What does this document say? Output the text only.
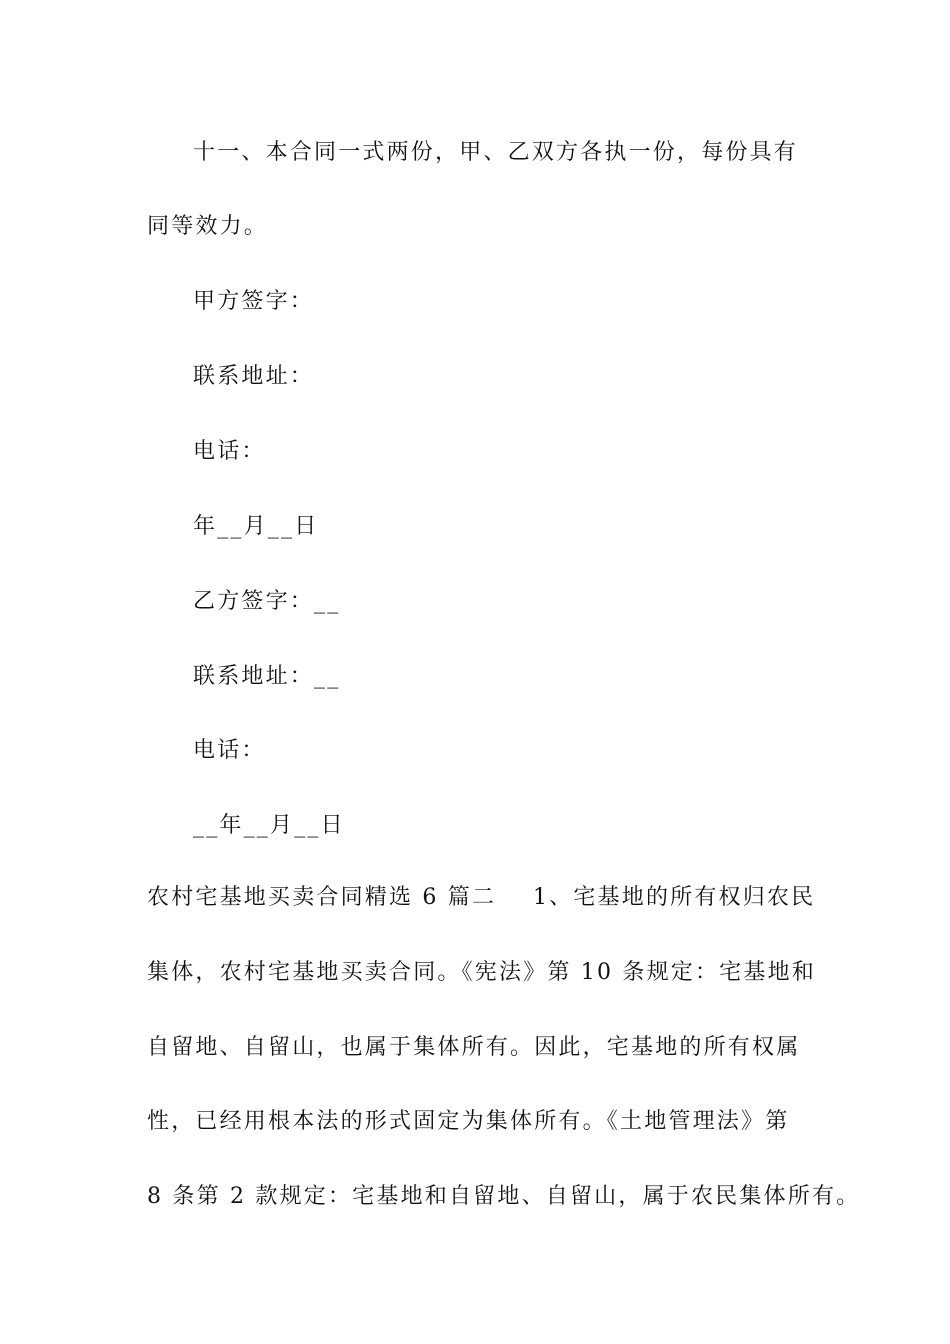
十一、本合同一式两份，甲、乙双方各执一份，每份具有
同等效力。
甲方签字：
联系地址：
电话：
年__月__日
乙方签字：__
联系地址：__
电话：
__年__月__日
农村宅基地买卖合同精选 6 篇二    1、宅基地的所有权归农民
集体，农村宅基地买卖合同。《宪法》第 10 条规定：宅基地和
自留地、自留山，也属于集体所有。因此，宅基地的所有权属
性，已经用根本法的形式固定为集体所有。《土地管理法》第
8 条第 2 款规定：宅基地和自留地、自留山，属于农民集体所有。
